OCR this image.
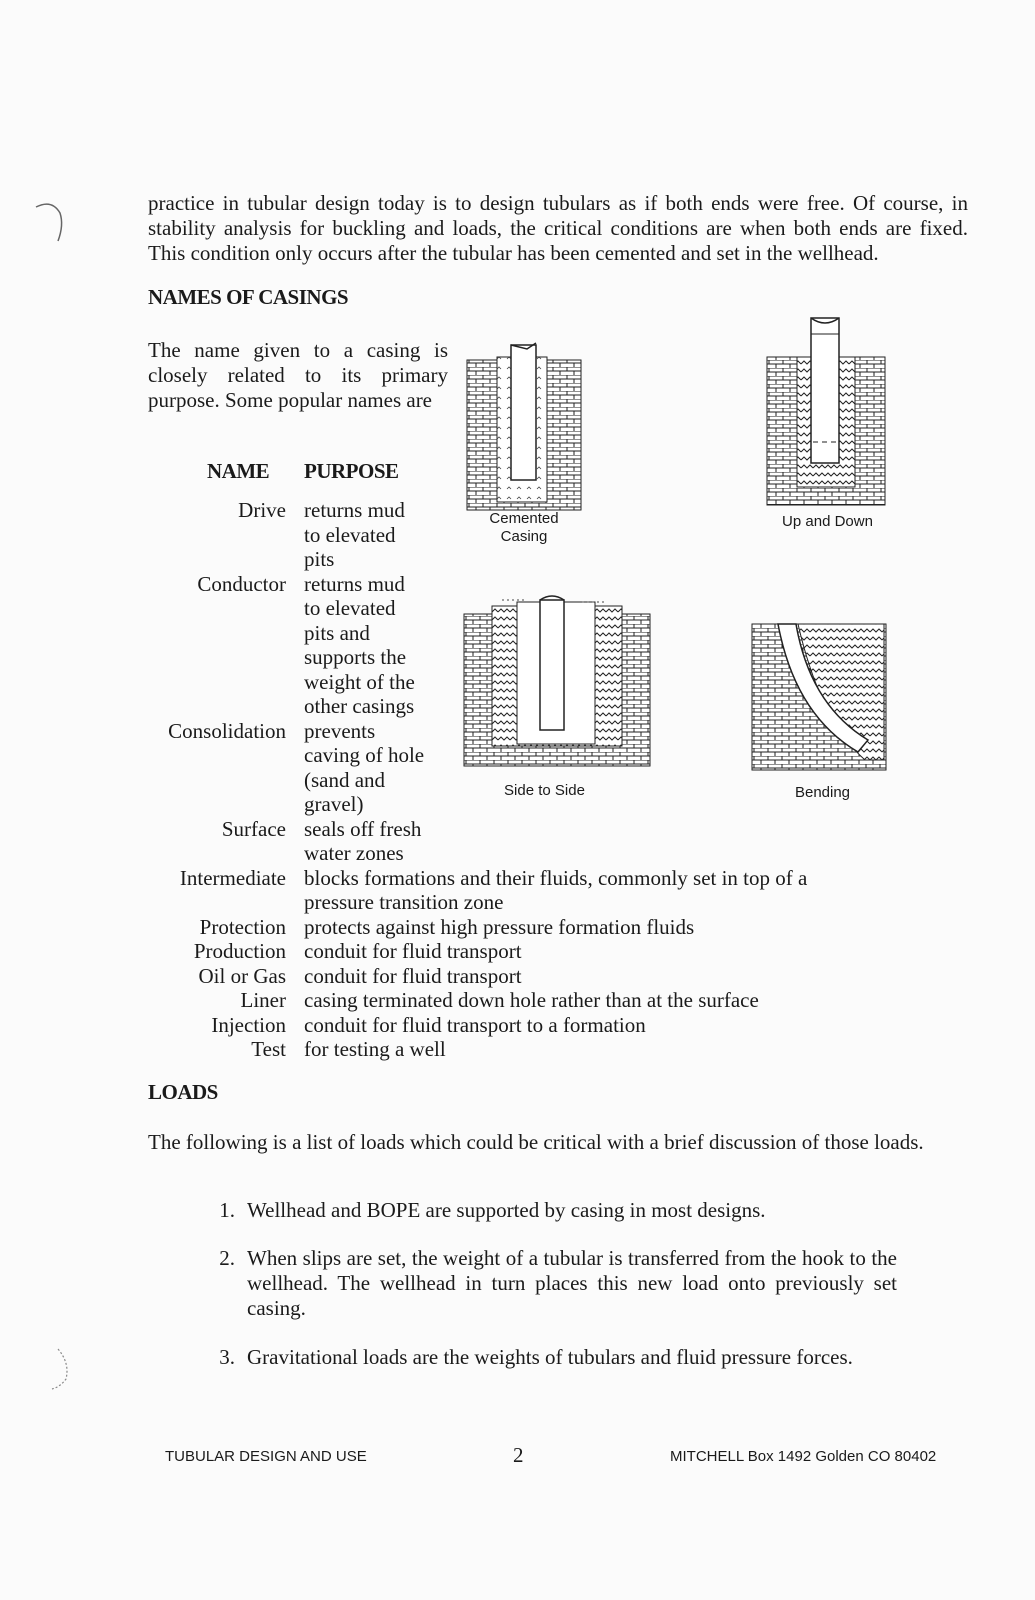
practice in tubular design today is to design tubulars as if both ends were free. Of course, in stability analysis for buckling and loads, the critical conditions are when both ends are fixed. This condition only occurs after the tubular has been cemented and set in the wellhead.
NAMES OF CASINGS
The name given to a casing is closely related to its primary purpose. Some popular names are
NAME PURPOSE
Drive returns mud
to elevated
pits
Conductor returns mud
to elevated
pits and
supports the
weight of the
other casings
Consolidation prevents
caving of hole
(sand and
gravel)
Surface seals off fresh
water zones
Intermediate blocks formations and their fluids, commonly set in top of a
pressure transition zone
Protection protects against high pressure formation fluids
Production conduit for fluid transport
Oil or Gas conduit for fluid transport
Liner casing terminated down hole rather than at the surface
Injection conduit for fluid transport to a formation
Test for testing a well
Cemented
Casing
Up and Down
Side to Side	Bending
LOADS
The following is a list of loads which could be critical with a brief discussion of those loads.
1. Wellhead and BOPE are supported by casing in most designs.
2. When slips are set, the weight of a tubular is transferred from the hook to the wellhead. The wellhead in turn places this new load onto previously set casing.
3. Gravitational loads are the weights of tubulars and fluid pressure forces.
TUBULAR DESIGN AND USE	2	MITCHELL Box 1492 Golden CO 80402
